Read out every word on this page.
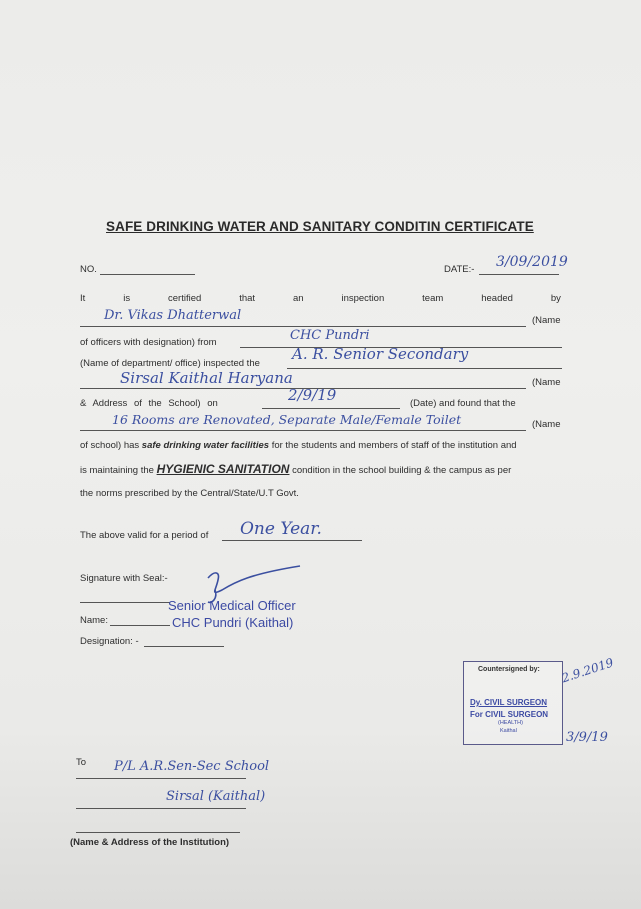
SAFE DRINKING WATER AND SANITARY CONDITIN CERTIFICATE
NO.	DATE:- 3/09/2019
It	is	certified	that	an	inspection	team	headed	by
Dr. Vikas Dhatterwal	(Name
of officers with designation) from	CHC Pundri
(Name of department/ office) inspected the
A. R. Senior Secondary
Sirsal Kaithal Haryana	(Name
& Address of the School) on	2/9/19	(Date) and found that the
16 Rooms are Renovated, Separate Male/Female Toilet	(Name
of school) has safe drinking water facilities for the students and members of staff of the institution and
is maintaining the HYGIENIC SANITATION condition in the school building & the campus as per
the norms prescribed by the Central/State/U.T Govt.
The above valid for a period of One Year.
Signature with Seal:-
Senior Medical Officer
CHC Pundri (Kaithal)
Name:
Designation: -
Countersigned by:
Dy. CIVIL SURGEON
For CIVIL SURGEON
(HEALTH)
Kaithal
2.9.2019
3/9/19
To P/L A.R.Sen-Sec School
Sirsal (Kaithal)
(Name & Address of the Institution)
